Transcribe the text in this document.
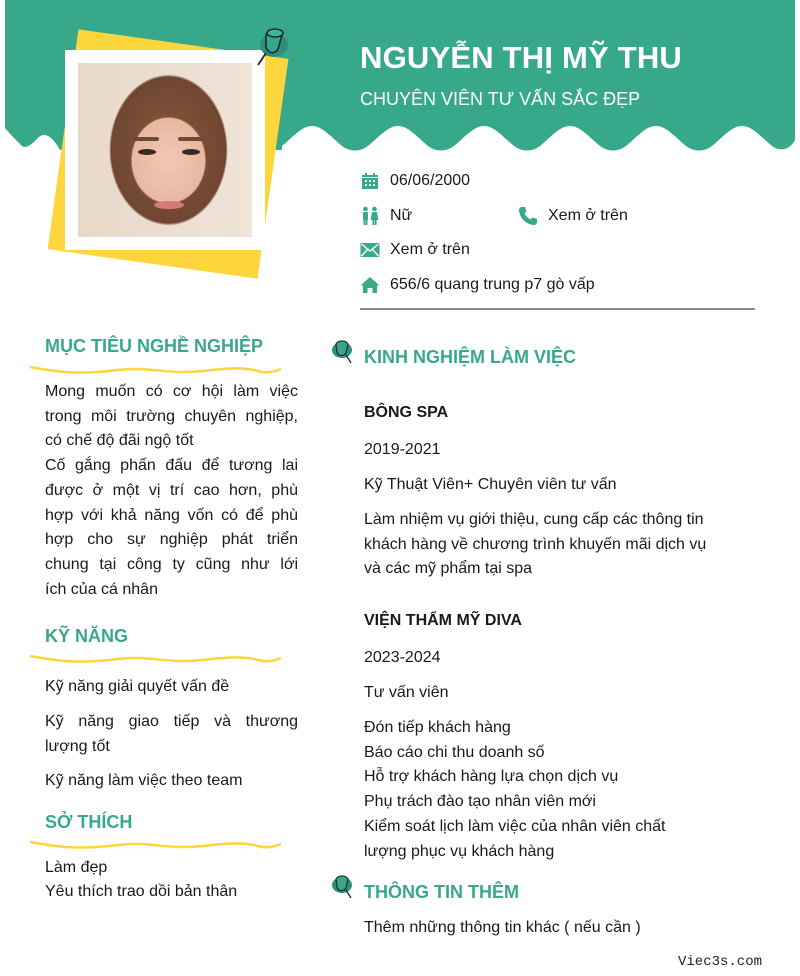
NGUYỄN THỊ MỸ THU
CHUYÊN VIÊN TƯ VẤN SẮC ĐẸP
06/06/2000
Nữ	Xem ở trên
Xem ở trên
656/6 quang trung p7 gò vấp
MỤC TIÊU NGHỀ NGHIỆP
Mong muốn có cơ hội làm việc
trong môi trường chuyên nghiệp,
có chế độ đãi ngộ tốt
Cố gắng phấn đấu để tương lai
được ở một vị trí cao hơn, phù
hợp với khả năng vốn có để phù
hợp cho sự nghiệp phát triển
chung tại công ty cũng như lới
ích của cá nhân
KỸ NĂNG
Kỹ năng giải quyết vấn đề
Kỹ năng giao tiếp và thương
lượng tốt
Kỹ năng làm việc theo team
SỞ THÍCH
Làm đẹp
Yêu thích trao dồi bản thân
KINH NGHIỆM LÀM VIỆC
BÔNG SPA
2019-2021
Kỹ Thuật Viên+ Chuyên viên tư vấn
Làm nhiệm vụ giới thiệu, cung cấp các thông tin
khách hàng về chương trình khuyến mãi dịch vụ
và các mỹ phẩm tại spa
VIỆN THẨM MỸ DIVA
2023-2024
Tư vấn viên
Đón tiếp khách hàng
Báo cáo chi thu doanh số
Hỗ trợ khách hàng lựa chọn dịch vụ
Phụ trách đào tạo nhân viên mới
Kiểm soát lịch làm việc của nhân viên chất
lượng phục vụ khách hàng
THÔNG TIN THÊM
Thêm những thông tin khác ( nếu cần )
Viec3s.com
